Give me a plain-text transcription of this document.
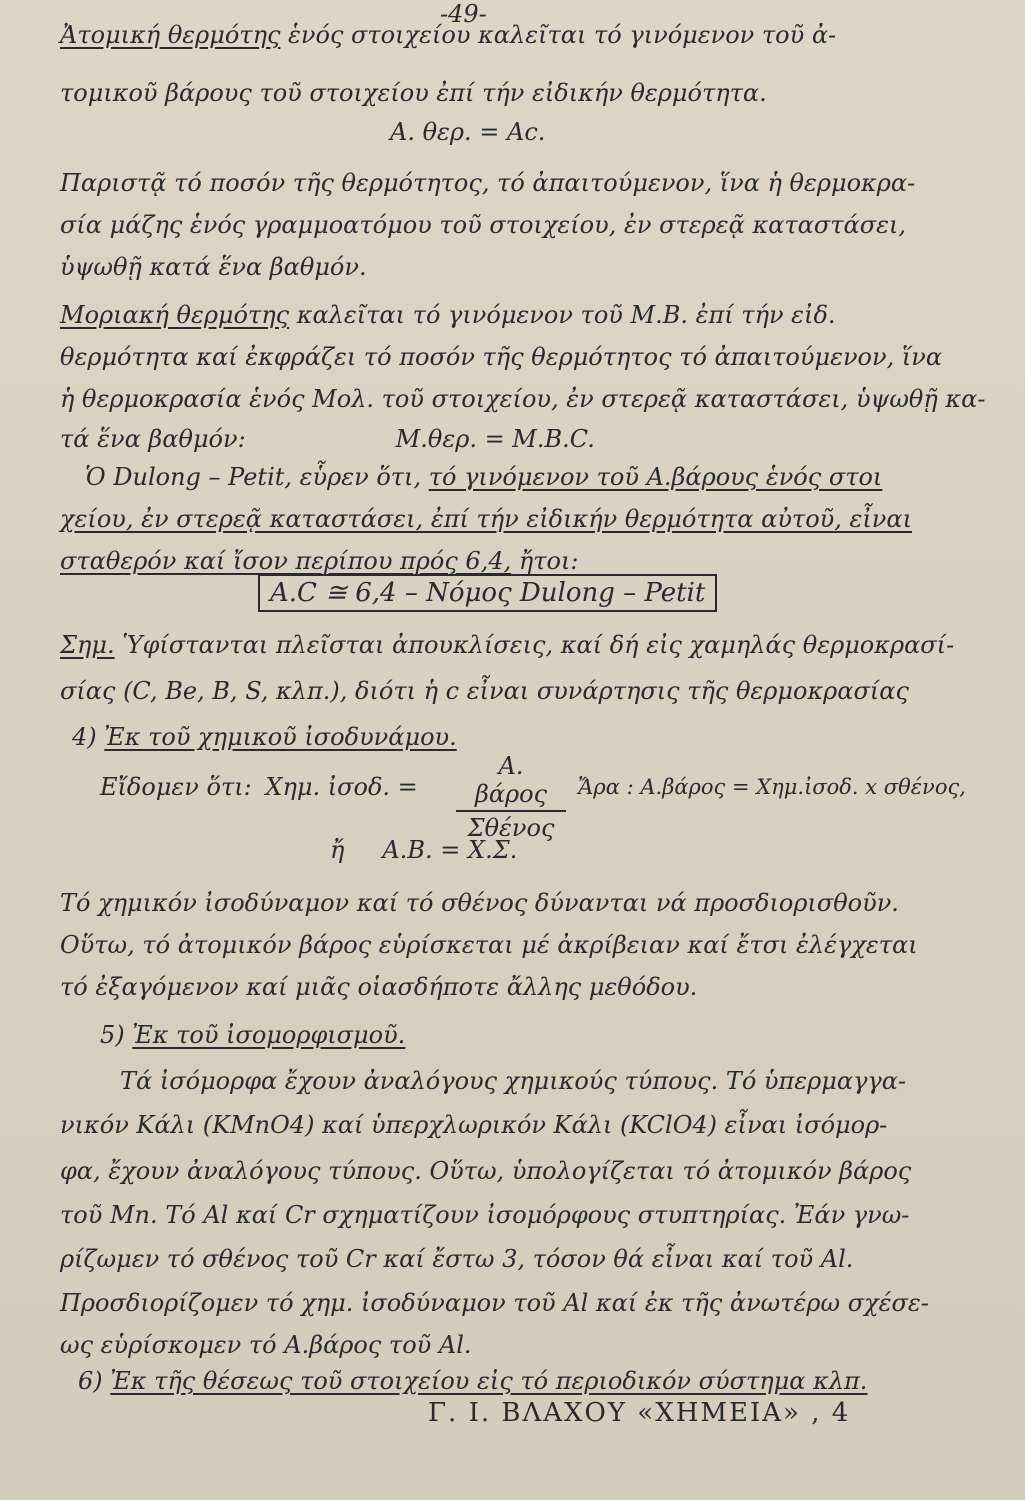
-49-
Ἀτομική θερμότης ἑνός στοιχείου καλεῖται τό γινόμενον τοῦ ἀ-
τομικοῦ βάρους τοῦ στοιχείου ἐπί τήν εἰδικήν θερμότητα.
Α. θερ. = Αc.
Παριστᾷ τό ποσόν τῆς θερμότητος, τό ἀπαιτούμενον, ἵνα ἡ θερμοκρα-
σία μάζης ἑνός γραμμοατόμου τοῦ στοιχείου, ἐν στερεᾷ καταστάσει,
ὑψωθῇ κατά ἕνα βαθμόν.
Μοριακή θερμότης καλεῖται τό γινόμενον τοῦ Μ.Β. ἐπί τήν εἰδ.
θερμότητα καί ἐκφράζει τό ποσόν τῆς θερμότητος τό ἀπαιτούμενον, ἵνα
ἡ θερμοκρασία ἑνός Μολ. τοῦ στοιχείου, ἐν στερεᾷ καταστάσει, ὑψωθῇ κα-
τά ἕνα βαθμόν:	Μ.θερ. = Μ.Β.C.
Ὁ Dulong – Petit, εὗρεν ὅτι, τό γινόμενον τοῦ Α.βάρους ἑνός στοι
χείου, ἐν στερεᾷ καταστάσει, ἐπί τήν εἰδικήν θερμότητα αὐτοῦ, εἶναι
σταθερόν καί ἴσον περίπου πρός 6,4, ἤτοι:
Α.C ≅ 6,4 – Νόμος Dulong – Petit
Σημ. Ὑφίστανται πλεῖσται ἀπουκλίσεις, καί δή εἰς χαμηλάς θερμοκρασί-
σίας (C, Be, B, S, κλπ.), διότι ἡ c εἶναι συνάρτησις τῆς θερμοκρασίας
4) Ἐκ τοῦ χημικοῦ ἰσοδυνάμου.
Εἴδομεν ὅτι: Χημ. ἰσοδ. =
Α. βάρος
Σθένος
Ἄρα : Α.βάρος = Χημ.ἰσοδ. x σθένος,
ἤ Α.Β. = Χ.Σ.
Τό χημικόν ἰσοδύναμον καί τό σθένος δύνανται νά προσδιορισθοῦν.
Οὕτω, τό ἀτομικόν βάρος εὑρίσκεται μέ ἀκρίβειαν καί ἔτσι ἐλέγχεται
τό ἐξαγόμενον καί μιᾶς οἱασδήποτε ἄλλης μεθόδου.
5) Ἐκ τοῦ ἰσομορφισμοῦ.
Τά ἰσόμορφα ἔχουν ἀναλόγους χημικούς τύπους. Τό ὑπερμαγγα-
νικόν Κάλι (KMnO4) καί ὑπερχλωρικόν Κάλι (KClO4) εἶναι ἰσόμορ-
φα, ἔχουν ἀναλόγους τύπους. Οὕτω, ὑπολογίζεται τό ἀτομικόν βάρος
τοῦ Mn. Τό Al καί Cr σχηματίζουν ἰσομόρφους στυπτηρίας. Ἐάν γνω-
ρίζωμεν τό σθένος τοῦ Cr καί ἔστω 3, τόσον θά εἶναι καί τοῦ Al.
Προσδιορίζομεν τό χημ. ἰσοδύναμον τοῦ Al καί ἐκ τῆς ἀνωτέρω σχέσε-
ως εὑρίσκομεν τό Α.βάρος τοῦ Al.
6) Ἐκ τῆς θέσεως τοῦ στοιχείου εἰς τό περιοδικόν σύστημα κλπ.
Γ. Ι. ΒΛΑΧΟΥ «ΧΗΜΕΙΑ» , 4
